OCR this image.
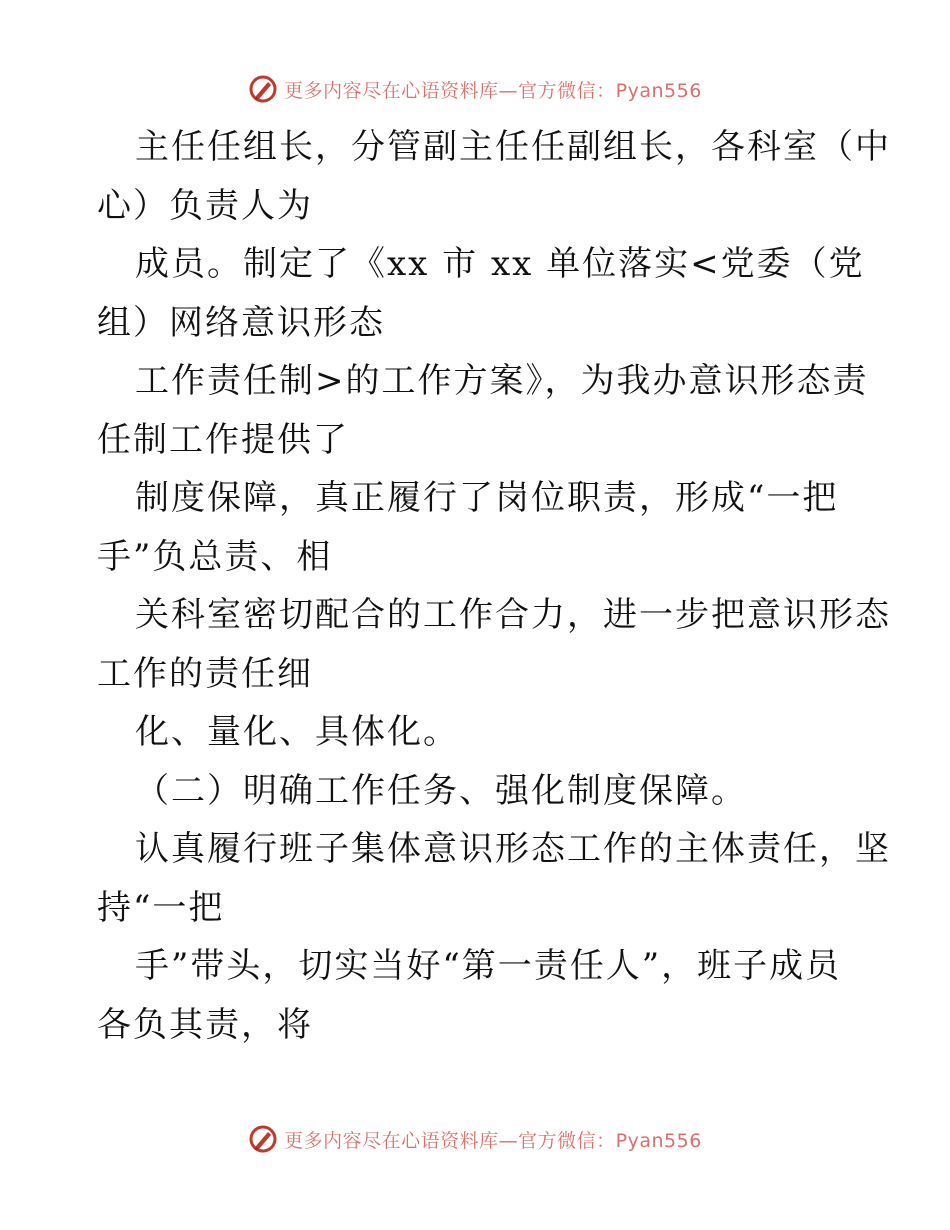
更多内容尽在心语资料库—官方微信：Pyan556
主任任组长，分管副主任任副组长，各科室（中
心）负责人为
成员。制定了《xx 市 xx 单位落实<党委（党
组）网络意识形态
工作责任制>的工作方案》，为我办意识形态责
任制工作提供了
制度保障，真正履行了岗位职责，形成“一把
手”负总责、相
关科室密切配合的工作合力，进一步把意识形态
工作的责任细
化、量化、具体化。
（二）明确工作任务、强化制度保障。
认真履行班子集体意识形态工作的主体责任，坚
持“一把
手”带头，切实当好“第一责任人”，班子成员
各负其责，将
更多内容尽在心语资料库—官方微信：Pyan556
